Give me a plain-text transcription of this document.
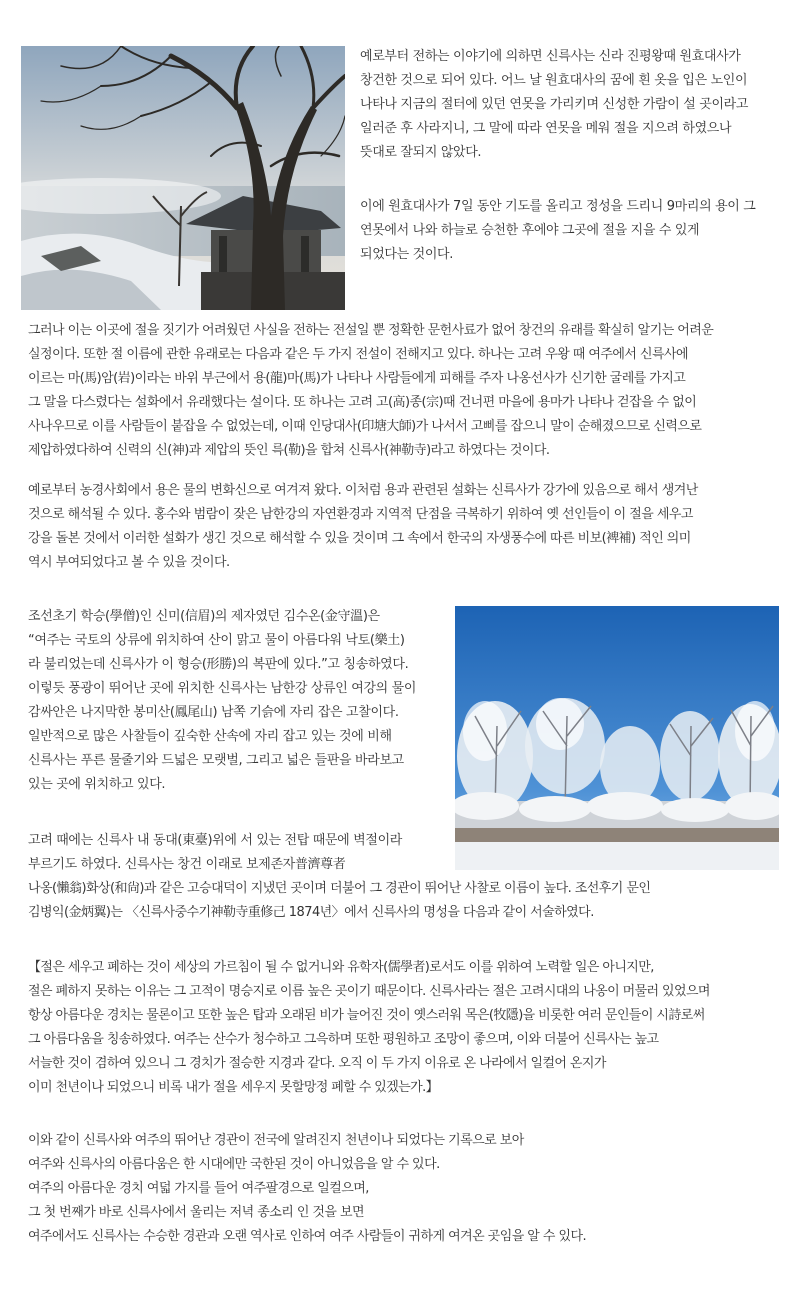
예로부터 전하는 이야기에 의하면 신륵사는 신라 진평왕때 원효대사가
창건한 것으로 되어 있다. 어느 날 원효대사의 꿈에 흰 옷을 입은 노인이
나타나 지금의 절터에 있던 연못을 가리키며 신성한 가람이 설 곳이라고
일러준 후 사라지니, 그 말에 따라 연못을 메워 절을 지으려 하였으나
뜻대로 잘되지 않았다.
이에 원효대사가 7일 동안 기도를 올리고 정성을 드리니 9마리의 용이 그
연못에서 나와 하늘로 승천한 후에야 그곳에 절을 지을 수 있게
되었다는 것이다.
그러나 이는 이곳에 절을 짓기가 어려웠던 사실을 전하는 전설일 뿐 정확한 문헌사료가 없어 창건의 유래를 확실히 알기는 어려운
실정이다. 또한 절 이름에 관한 유래로는 다음과 같은 두 가지 전설이 전해지고 있다. 하나는 고려 우왕 때 여주에서 신륵사에
이르는 마(馬)암(岩)이라는 바위 부근에서 용(龍)마(馬)가 나타나 사람들에게 피해를 주자 나옹선사가 신기한 굴레를 가지고
그 말을 다스렸다는 설화에서 유래했다는 설이다. 또 하나는 고려 고(高)종(宗)때 건너편 마을에 용마가 나타나 걷잡을 수 없이
사나우므로 이를 사람들이 붙잡을 수 없었는데, 이때 인당대사(印塘大師)가 나서서 고삐를 잡으니 말이 순해졌으므로 신력으로
제압하였다하여 신력의 신(神)과 제압의 뜻인 륵(勒)을 합쳐 신륵사(神勒寺)라고 하였다는 것이다.
예로부터 농경사회에서 용은 물의 변화신으로 여겨져 왔다. 이처럼 용과 관련된 설화는 신륵사가 강가에 있음으로 해서 생겨난
것으로 해석될 수 있다. 홍수와 범람이 잦은 남한강의 자연환경과 지역적 단점을 극복하기 위하여 옛 선인들이 이 절을 세우고
강을 돌본 것에서 이러한 설화가 생긴 것으로 해석할 수 있을 것이며 그 속에서 한국의 자생풍수에 따른 비보(裨補) 적인 의미
역시 부여되었다고 볼 수 있을 것이다.
조선초기 학승(學僧)인 신미(信眉)의 제자였던 김수온(金守溫)은
“여주는 국토의 상류에 위치하여 산이 맑고 물이 아름다워 낙토(樂土)
라 불리었는데 신륵사가 이 형승(形勝)의 복판에 있다.”고 칭송하였다.
이렇듯 풍광이 뛰어난 곳에 위치한 신륵사는 남한강 상류인 여강의 물이
감싸안은 나지막한 봉미산(鳳尾山) 남쪽 기슭에 자리 잡은 고찰이다.
일반적으로 많은 사찰들이 깊숙한 산속에 자리 잡고 있는 것에 비해
신륵사는 푸른 물줄기와 드넓은 모랫벌, 그리고 넓은 들판을 바라보고
있는 곳에 위치하고 있다.
고려 때에는 신륵사 내 동대(東臺)위에 서 있는 전탑 때문에 벽절이라
부르기도 하였다. 신륵사는 창건 이래로 보제존자普濟尊者
나옹(懶翁)화상(和尙)과 같은 고승대덕이 지냈던 곳이며 더불어 그 경관이 뛰어난 사찰로 이름이 높다. 조선후기 문인
김병익(金炳翼)는 〈신륵사중수기神勒寺重修己 1874년〉에서 신륵사의 명성을 다음과 같이 서술하였다.
【절은 세우고 폐하는 것이 세상의 가르침이 될 수 없거니와 유학자(儒學者)로서도 이를 위하여 노력할 일은 아니지만,
절은 폐하지 못하는 이유는 그 고적이 명승지로 이름 높은 곳이기 때문이다. 신륵사라는 절은 고려시대의 나옹이 머물러 있었으며
항상 아름다운 경치는 물론이고 또한 높은 탑과 오래된 비가 늘어진 것이 옛스러워 목은(牧隱)을 비롯한 여러 문인들이 시詩로써
그 아름다움을 칭송하였다. 여주는 산수가 청수하고 그윽하며 또한 평원하고 조망이 좋으며, 이와 더불어 신륵사는 높고
서늘한 것이 겸하여 있으니 그 경치가 절승한 지경과 같다. 오직 이 두 가지 이유로 온 나라에서 일컬어 온지가
이미 천년이나 되었으니 비록 내가 절을 세우지 못할망정 폐할 수 있겠는가.】
이와 같이 신륵사와 여주의 뛰어난 경관이 전국에 알려진지 천년이나 되었다는 기록으로 보아
여주와 신륵사의 아름다움은 한 시대에만 국한된 것이 아니었음을 알 수 있다.
여주의 아름다운 경치 여덟 가지를 들어 여주팔경으로 일컬으며,
그 첫 번째가 바로 신륵사에서 울리는 저녁 종소리 인 것을 보면
여주에서도 신륵사는 수승한 경관과 오랜 역사로 인하여 여주 사람들이 귀하게 여겨온 곳임을 알 수 있다.
